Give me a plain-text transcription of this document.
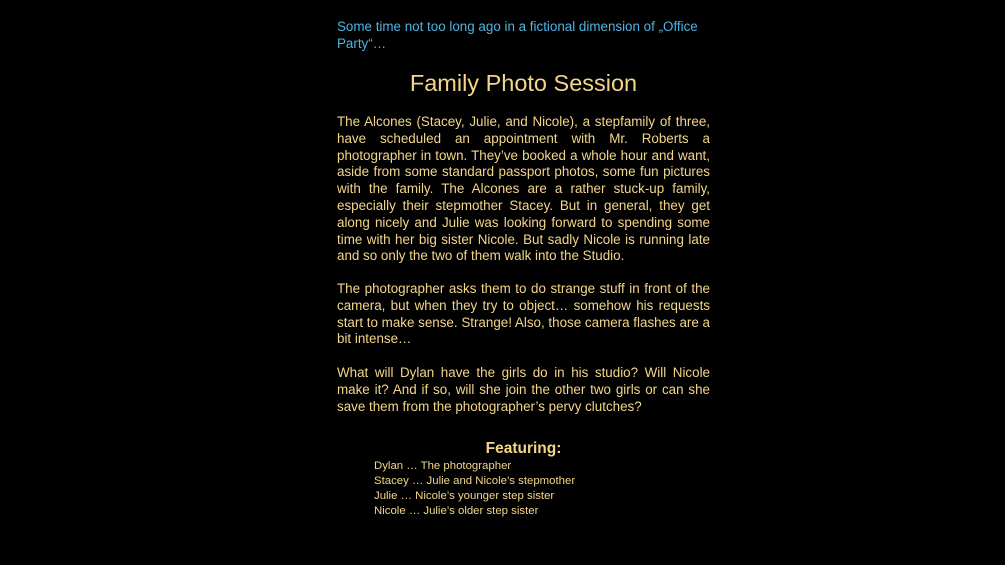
Some time not too long ago in a fictional dimension of „Office Party“…
Family Photo Session
The Alcones (Stacey, Julie, and Nicole), a stepfamily of three, have scheduled an appointment with Mr. Roberts a photographer in town. They’ve booked a whole hour and want, aside from some standard passport photos, some fun pictures with the family. The Alcones are a rather stuck-up family, especially their stepmother Stacey. But in general, they get along nicely and Julie was looking forward to spending some time with her big sister Nicole. But sadly Nicole is running late and so only the two of them walk into the Studio.
The photographer asks them to do strange stuff in front of the camera, but when they try to object… somehow his requests start to make sense. Strange! Also, those camera flashes are a bit intense…
What will Dylan have the girls do in his studio? Will Nicole make it? And if so, will she join the other two girls or can she save them from the photographer’s pervy clutches?
Featuring:
Dylan … The photographer
Stacey … Julie and Nicole’s stepmother
Julie … Nicole’s younger step sister
Nicole … Julie’s older step sister
